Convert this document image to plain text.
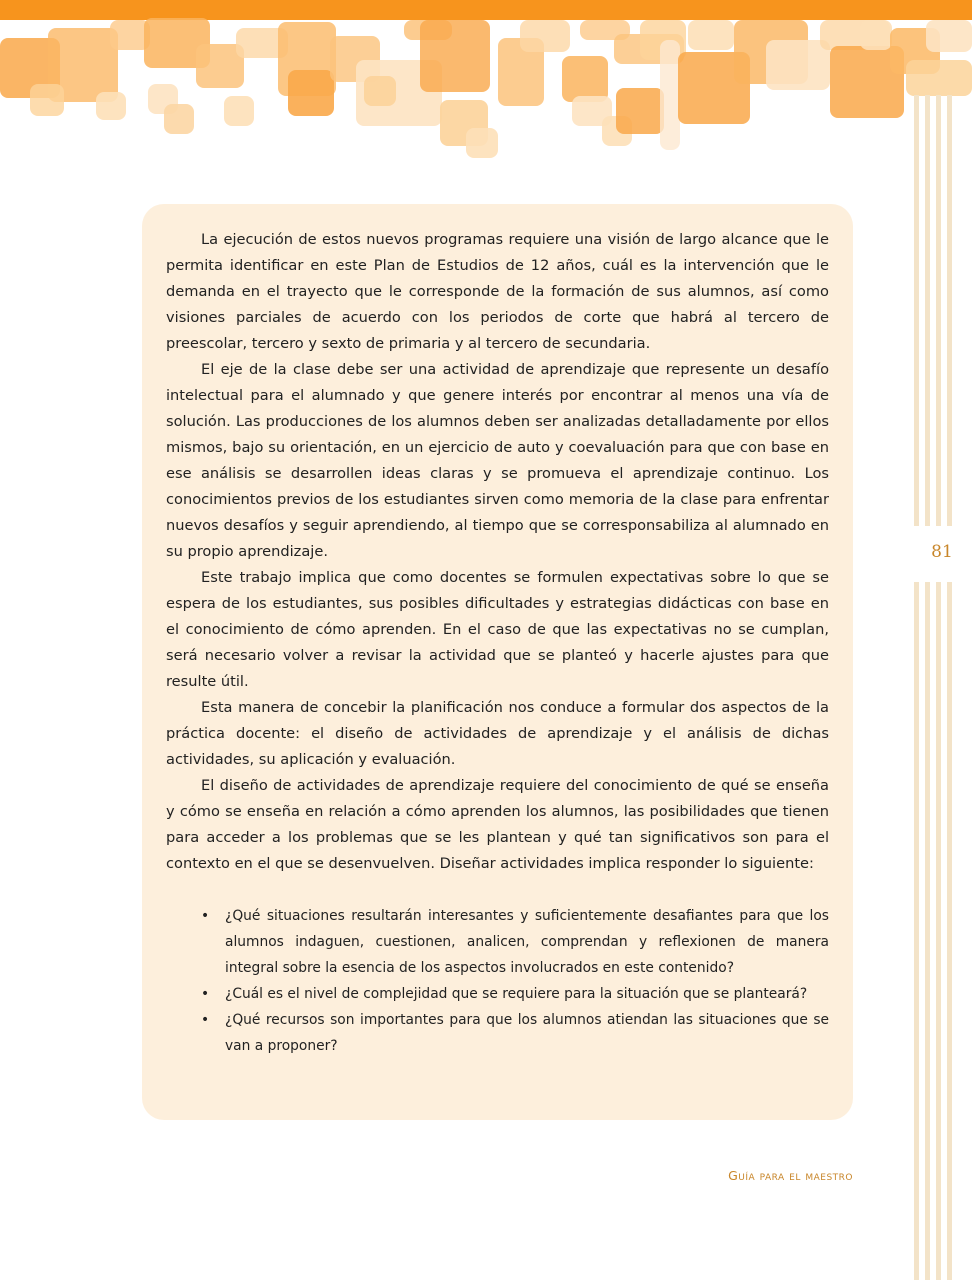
81

La ejecución de estos nuevos programas requiere una visión de largo alcance que le permita identificar en este Plan de Estudios de 12 años, cuál es la intervención que le demanda en el trayecto que le corresponde de la formación de sus alumnos, así como visiones parciales de acuerdo con los periodos de corte que habrá al tercero de preescolar, tercero y sexto de primaria y al tercero de secundaria.

El eje de la clase debe ser una actividad de aprendizaje que represente un desafío intelectual para el alumnado y que genere interés por encontrar al menos una vía de solución. Las producciones de los alumnos deben ser analizadas detalladamente por ellos mismos, bajo su orientación, en un ejercicio de auto y coevaluación para que con base en ese análisis se desarrollen ideas claras y se promueva el aprendizaje continuo. Los conocimientos previos de los estudiantes sirven como memoria de la clase para enfrentar nuevos desafíos y seguir aprendiendo, al tiempo que se corresponsabiliza al alumnado en su propio aprendizaje.

Este trabajo implica que como docentes se formulen expectativas sobre lo que se espera de los estudiantes, sus posibles dificultades y estrategias didácticas con base en el conocimiento de cómo aprenden. En el caso de que las expectativas no se cumplan, será necesario volver a revisar la actividad que se planteó y hacerle ajustes para que resulte útil.

Esta manera de concebir la planificación nos conduce a formular dos aspectos de la práctica docente: el diseño de actividades de aprendizaje y el análisis de dichas actividades, su aplicación y evaluación.

El diseño de actividades de aprendizaje requiere del conocimiento de qué se enseña y cómo se enseña en relación a cómo aprenden los alumnos, las posibilidades que tienen para acceder a los problemas que se les plantean y qué tan significativos son para el contexto en el que se desenvuelven. Diseñar actividades implica responder lo siguiente:

• ¿Qué situaciones resultarán interesantes y suficientemente desafiantes para que los alumnos indaguen, cuestionen, analicen, comprendan y reflexionen de manera integral sobre la esencia de los aspectos involucrados en este contenido?
• ¿Cuál es el nivel de complejidad que se requiere para la situación que se planteará?
• ¿Qué recursos son importantes para que los alumnos atiendan las situaciones que se van a proponer?
Guía para el maestro
